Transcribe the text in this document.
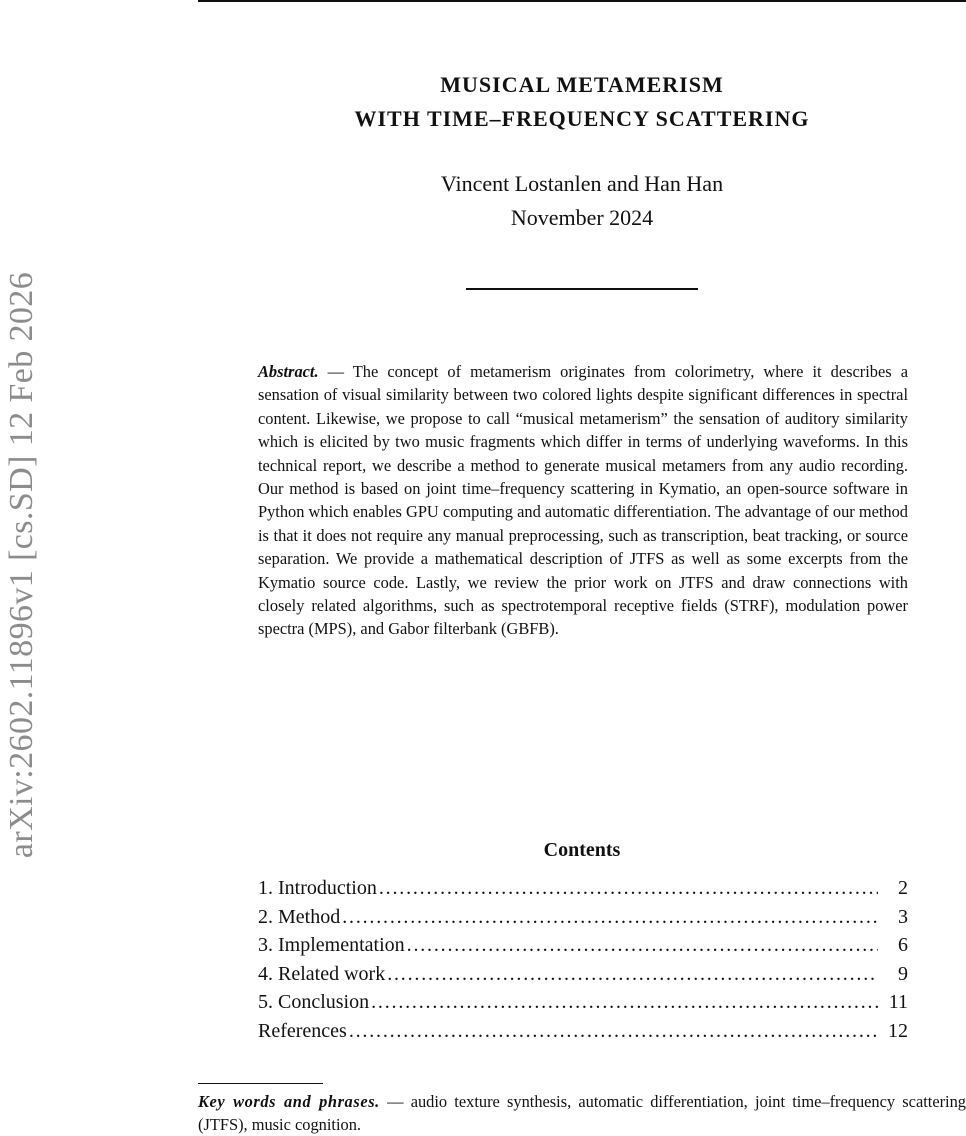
arXiv:2602.11896v1 [cs.SD] 12 Feb 2026
MUSICAL METAMERISM
WITH TIME–FREQUENCY SCATTERING
Vincent Lostanlen and Han Han
November 2024

Abstract. — The concept of metamerism originates from colorimetry, where it describes a sensation of visual similarity between two colored lights despite significant differences in spectral content. Likewise, we propose to call “musical metamerism” the sensation of auditory similarity which is elicited by two music fragments which differ in terms of underlying waveforms. In this technical report, we describe a method to generate musical metamers from any audio recording. Our method is based on joint time–frequency scattering in Kymatio, an open-source software in Python which enables GPU computing and automatic differentiation. The advantage of our method is that it does not require any manual preprocessing, such as transcription, beat tracking, or source separation. We provide a mathematical description of JTFS as well as some excerpts from the Kymatio source code. Lastly, we review the prior work on JTFS and draw connections with closely related algorithms, such as spectrotemporal receptive fields (STRF), modulation power spectra (MPS), and Gabor filterbank (GBFB).

Contents
1. Introduction . . .	2
2. Method . . .	3
3. Implementation . . .	6
4. Related work . . .	9
5. Conclusion . . .	11
References . . .	12

Key words and phrases. — audio texture synthesis, automatic differentiation, joint time–frequency scattering (JTFS), music cognition.
